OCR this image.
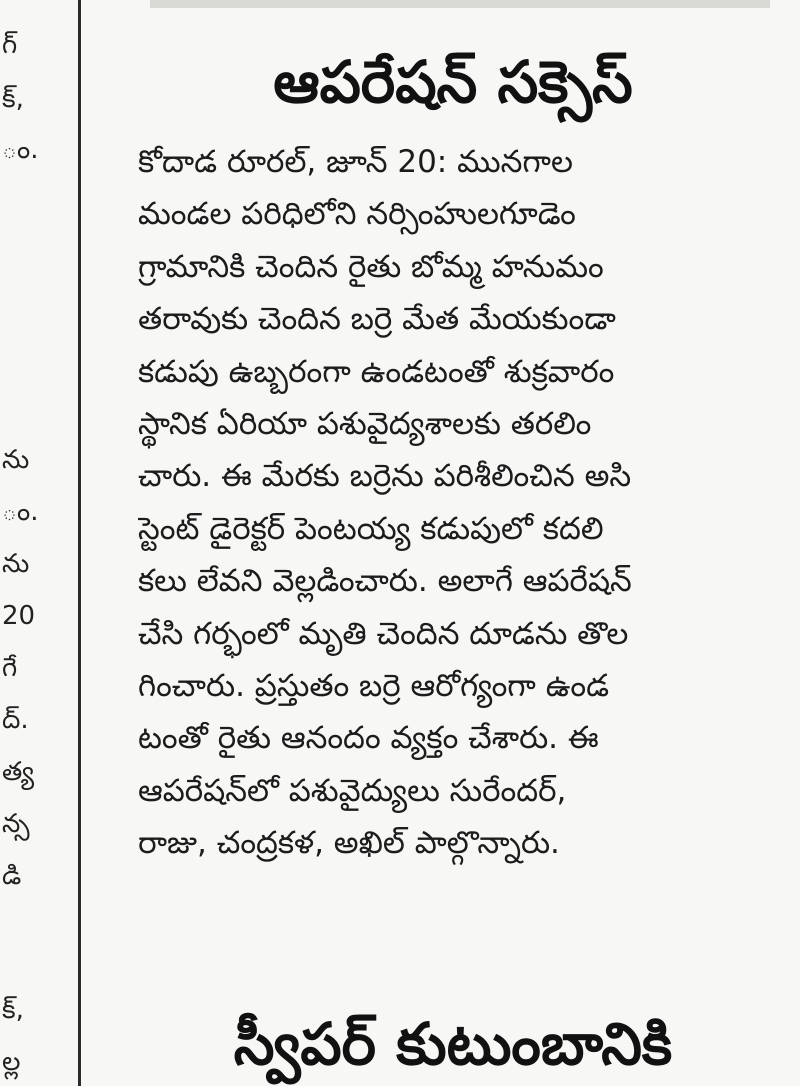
గ్
క్,
ం.
ను
ం.
ను
20
గే
ద్.
త్య
న్స
డి
క్,
ల్ల
ఆపరేషన్ సక్సెస్
కోదాడ రూరల్, జూన్ 20: మునగాల
మండల పరిధిలోని నర్సింహులగూడెం
గ్రామానికి చెందిన రైతు బోమ్మ హనుమం
తరావుకు చెందిన బర్రె మేత మేయకుండా
కడుపు ఉబ్బరంగా ఉండటంతో శుక్రవారం
స్థానిక ఏరియా పశువైద్యశాలకు తరలిం
చారు. ఈ మేరకు బర్రెను పరిశీలించిన అసి
స్టెంట్ డైరెక్టర్ పెంటయ్య కడుపులో కదలి
కలు లేవని వెల్లడించారు. అలాగే ఆపరేషన్
చేసి గర్భంలో మృతి చెందిన దూడను తొల
గించారు. ప్రస్తుతం బర్రె ఆరోగ్యంగా ఉండ
టంతో రైతు ఆనందం వ్యక్తం చేశారు. ఈ
ఆపరేషన్‌లో పశువైద్యులు సురేందర్,
రాజు, చంద్రకళ, అఖిల్ పాల్గొన్నారు.
స్వీపర్ కుటుంబానికి
